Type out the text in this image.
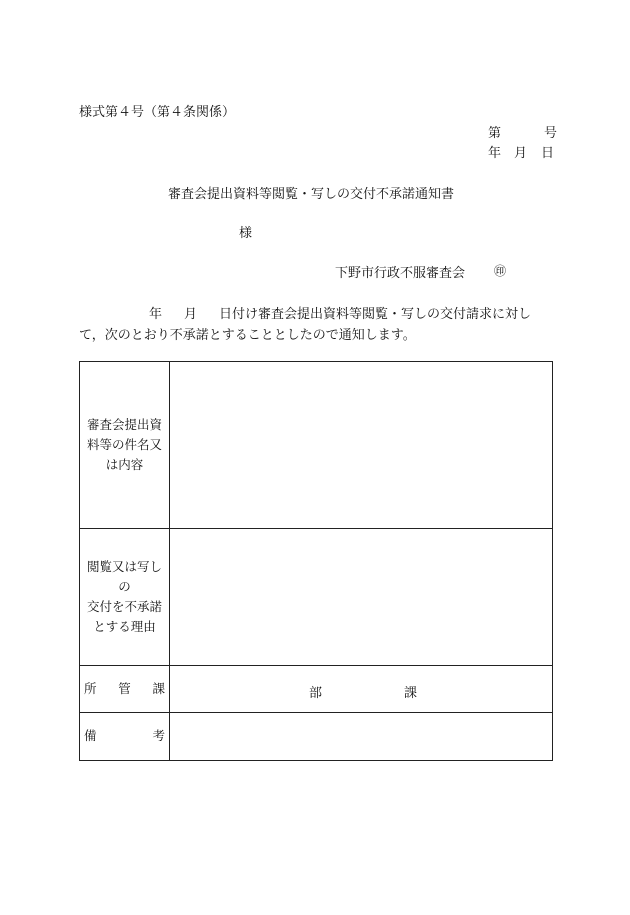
様式第４号（第４条関係）
第	号
年 月 日
審査会提出資料等閲覧・写しの交付不承諾通知書
様
下野市行政不服審査会 ㊞
年 月 日付け審査会提出資料等閲覧・写しの交付請求に対し
て，次のとおり不承諾とすることとしたので通知します。
審査会提出資
料等の件名又
は内容	

閲覧又は写し
の
交付を不承諾
とする理由	

所 管 課	部 課

備 考	
